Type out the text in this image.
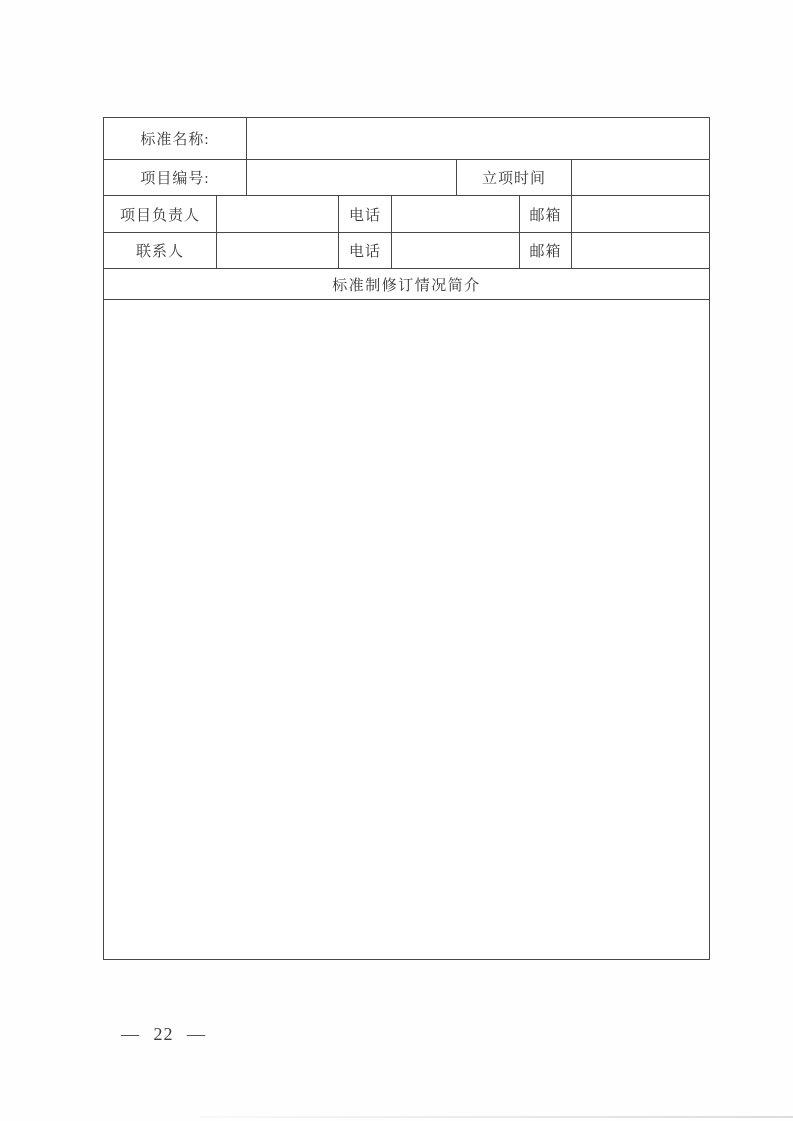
标准名称:
项目编号:	立项时间
项目负责人	电话	邮箱
联系人	电话	邮箱
标准制修订情况简介
— 22 —
